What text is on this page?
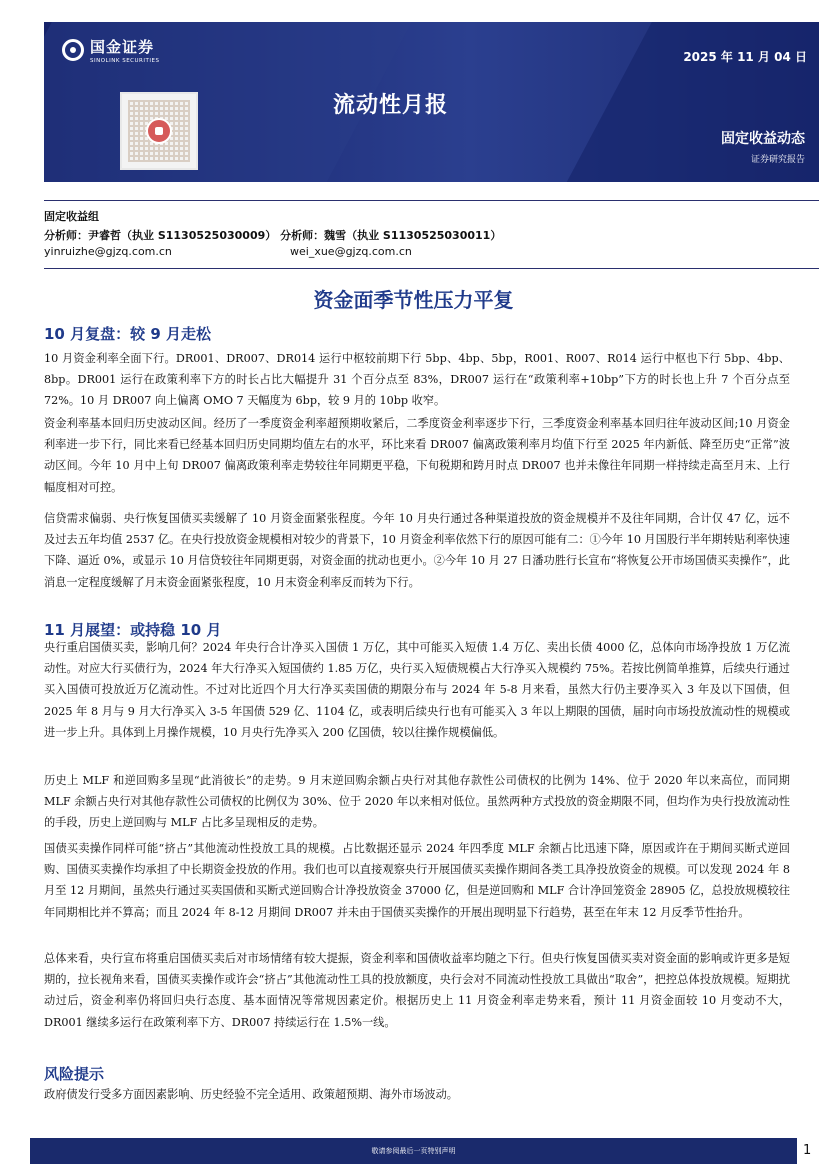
国金证券
SINOLINK SECURITIES	2025 年 11 月 04 日
流动性月报
固定收益动态
证券研究报告
固定收益组
分析师：尹睿哲（执业 S1130525030009） 分析师：魏雪（执业 S1130525030011）
yinruizhe@gjzq.com.cn	wei_xue@gjzq.com.cn
资金面季节性压力平复
10 月复盘：较 9 月走松
10 月资金利率全面下行。DR001、DR007、DR014 运行中枢较前期下行 5bp、4bp、5bp，R001、R007、R014 运行中枢也下行 5bp、4bp、8bp。DR001 运行在政策利率下方的时长占比大幅提升 31 个百分点至 83%，DR007 运行在“政策利率+10bp”下方的时长也上升 7 个百分点至 72%。10 月 DR007 向上偏离 OMO 7 天幅度为 6bp，较 9 月的 10bp 收窄。
资金利率基本回归历史波动区间。经历了一季度资金利率超预期收紧后，二季度资金利率逐步下行，三季度资金利率基本回归往年波动区间;10 月资金利率进一步下行，同比来看已经基本回归历史同期均值左右的水平，环比来看 DR007 偏离政策利率月均值下行至 2025 年内新低、降至历史“正常”波动区间。今年 10 月中上旬 DR007 偏离政策利率走势较往年同期更平稳，下旬税期和跨月时点 DR007 也并未像往年同期一样持续走高至月末、上行幅度相对可控。
信贷需求偏弱、央行恢复国债买卖缓解了 10 月资金面紧张程度。今年 10 月央行通过各种渠道投放的资金规模并不及往年同期，合计仅 47 亿，远不及过去五年均值 2537 亿。在央行投放资金规模相对较少的背景下，10 月资金利率依然下行的原因可能有二：①今年 10 月国股行半年期转贴利率快速下降、逼近 0%，或显示 10 月信贷较往年同期更弱，对资金面的扰动也更小。②今年 10 月 27 日潘功胜行长宣布“将恢复公开市场国债买卖操作”，此消息一定程度缓解了月末资金面紧张程度，10 月末资金利率反而转为下行。
11 月展望：或持稳 10 月
央行重启国债买卖，影响几何？2024 年央行合计净买入国债 1 万亿，其中可能买入短债 1.4 万亿、卖出长债 4000 亿，总体向市场净投放 1 万亿流动性。对应大行买债行为，2024 年大行净买入短国债约 1.85 万亿，央行买入短债规模占大行净买入规模约 75%。若按比例简单推算，后续央行通过买入国债可投放近万亿流动性。不过对比近四个月大行净买卖国债的期限分布与 2024 年 5-8 月来看，虽然大行仍主要净买入 3 年及以下国债，但 2025 年 8 月与 9 月大行净买入 3-5 年国债 529 亿、1104 亿，或表明后续央行也有可能买入 3 年以上期限的国债，届时向市场投放流动性的规模或进一步上升。具体到上月操作规模，10 月央行先净买入 200 亿国债，较以往操作规模偏低。
历史上 MLF 和逆回购多呈现“此消彼长”的走势。9 月末逆回购余额占央行对其他存款性公司债权的比例为 14%、位于 2020 年以来高位，而同期 MLF 余额占央行对其他存款性公司债权的比例仅为 30%、位于 2020 年以来相对低位。虽然两种方式投放的资金期限不同，但均作为央行投放流动性的手段，历史上逆回购与 MLF 占比多呈现相反的走势。
国债买卖操作同样可能“挤占”其他流动性投放工具的规模。占比数据还显示 2024 年四季度 MLF 余额占比迅速下降，原因或许在于期间买断式逆回购、国债买卖操作均承担了中长期资金投放的作用。我们也可以直接观察央行开展国债买卖操作期间各类工具净投放资金的规模。可以发现 2024 年 8 月至 12 月期间，虽然央行通过买卖国债和买断式逆回购合计净投放资金 37000 亿，但是逆回购和 MLF 合计净回笼资金 28905 亿，总投放规模较往年同期相比并不算高；而且 2024 年 8-12 月期间 DR007 并未由于国债买卖操作的开展出现明显下行趋势，甚至在年末 12 月反季节性抬升。
总体来看，央行宣布将重启国债买卖后对市场情绪有较大提振，资金利率和国债收益率均随之下行。但央行恢复国债买卖对资金面的影响或许更多是短期的，拉长视角来看，国债买卖操作或许会“挤占”其他流动性工具的投放额度，央行会对不同流动性投放工具做出“取舍”，把控总体投放规模。短期扰动过后，资金利率仍将回归央行态度、基本面情况等常规因素定价。根据历史上 11 月资金利率走势来看，预计 11 月资金面较 10 月变动不大，DR001 继续多运行在政策利率下方、DR007 持续运行在 1.5%一线。
风险提示
政府债发行受多方面因素影响、历史经验不完全适用、政策超预期、海外市场波动。
敬请参阅最后一页特别声明	1
